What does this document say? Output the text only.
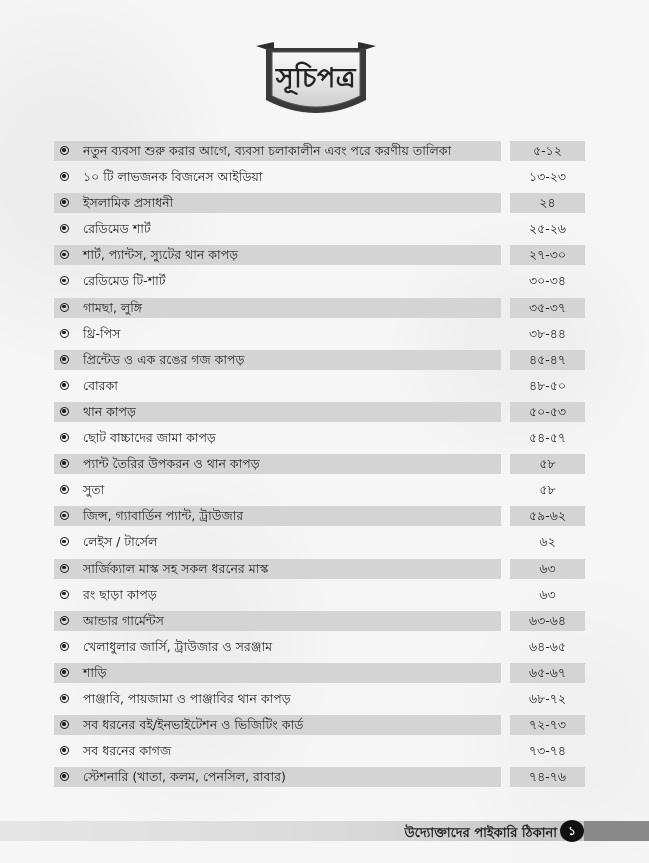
সূচিপত্র
নতুন ব্যবসা শুরু করার আগে, ব্যবসা চলাকালীন এবং পরে করণীয় তালিকা	৫-১২
১০ টি লাভজনক বিজনেস আইডিয়া	১৩-২৩
ইসলামিক প্রসাধনী	২৪
রেডিমেড শার্ট	২৫-২৬
শার্ট, প্যান্টস, স্যুটের থান কাপড়	২৭-৩০
রেডিমেড টি-শার্ট	৩০-৩৪
গামছা, লুঙ্গি	৩৫-৩৭
থ্রি-পিস	৩৮-৪৪
প্রিন্টেড ও এক রঙের গজ কাপড়	৪৫-৪৭
বোরকা	৪৮-৫০
থান কাপড়	৫০-৫৩
ছোট বাচ্চাদের জামা কাপড়	৫৪-৫৭
প্যান্ট তৈরির উপকরন ও থান কাপড়	৫৮
সুতা	৫৮
জিন্স, গ্যাবার্ডিন প্যান্ট, ট্রাউজার	৫৯-৬২
লেইস / টার্সেল	৬২
সার্জিক্যাল মাস্ক সহ সকল ধরনের মাস্ক	৬৩
রং ছাড়া কাপড়	৬৩
আন্ডার গার্মেন্টস	৬৩-৬৪
খেলাধুলার জার্সি, ট্রাউজার ও সরঞ্জাম	৬৪-৬৫
শাড়ি	৬৫-৬৭
পাঞ্জাবি, পায়জামা ও পাঞ্জাবির থান কাপড়	৬৮-৭২
সব ধরনের বই/ইনভাইটেশন ও ভিজিটিং কার্ড	৭২-৭৩
সব ধরনের কাগজ	৭৩-৭৪
স্টেশনারি (খাতা, কলম, পেনসিল, রাবার)	৭৪-৭৬
উদ্যোক্তাদের পাইকারি ঠিকানা ১
